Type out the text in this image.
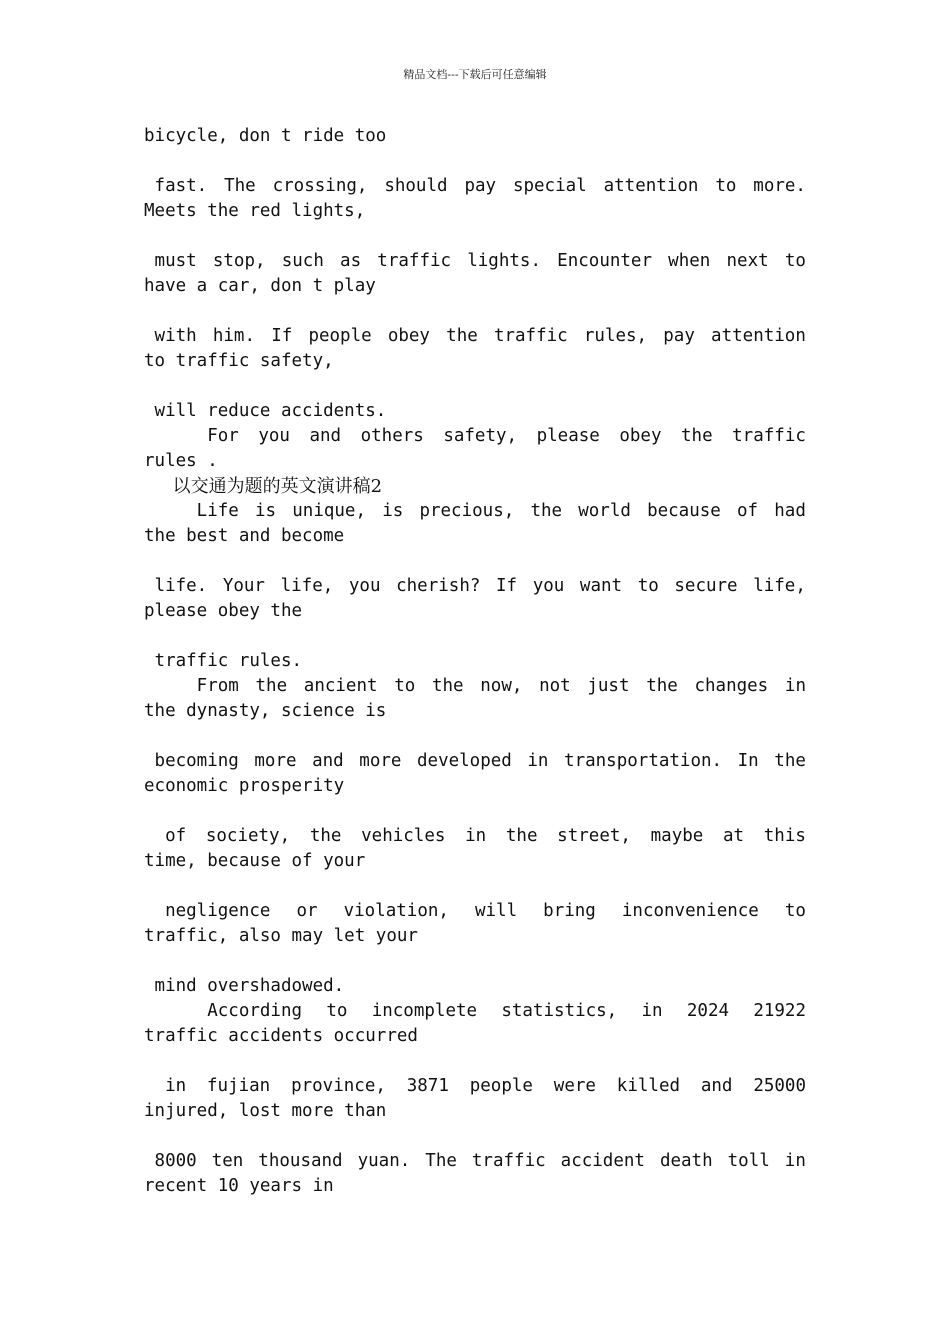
精品文档---下载后可任意编辑
bicycle, don t ride too
fast. The crossing, should pay special attention to more.
Meets the red lights,
must stop, such as traffic lights. Encounter when next to
have a car, don t play
with him. If people obey the traffic rules, pay attention
to traffic safety,
will reduce accidents.
For you and others safety, please obey the traffic
rules .
以交通为题的英文演讲稿2
Life is unique, is precious, the world because of had
the best and become
life. Your life, you cherish? If you want to secure life,
please obey the
traffic rules.
From the ancient to the now, not just the changes in
the dynasty, science is
becoming more and more developed in transportation. In the
economic prosperity
of society, the vehicles in the street, maybe at this
time, because of your
negligence or violation, will bring inconvenience to
traffic, also may let your
mind overshadowed.
According to incomplete statistics, in 2024 21922
traffic accidents occurred
in fujian province, 3871 people were killed and 25000
injured, lost more than
8000 ten thousand yuan. The traffic accident death toll in
recent 10 years in
